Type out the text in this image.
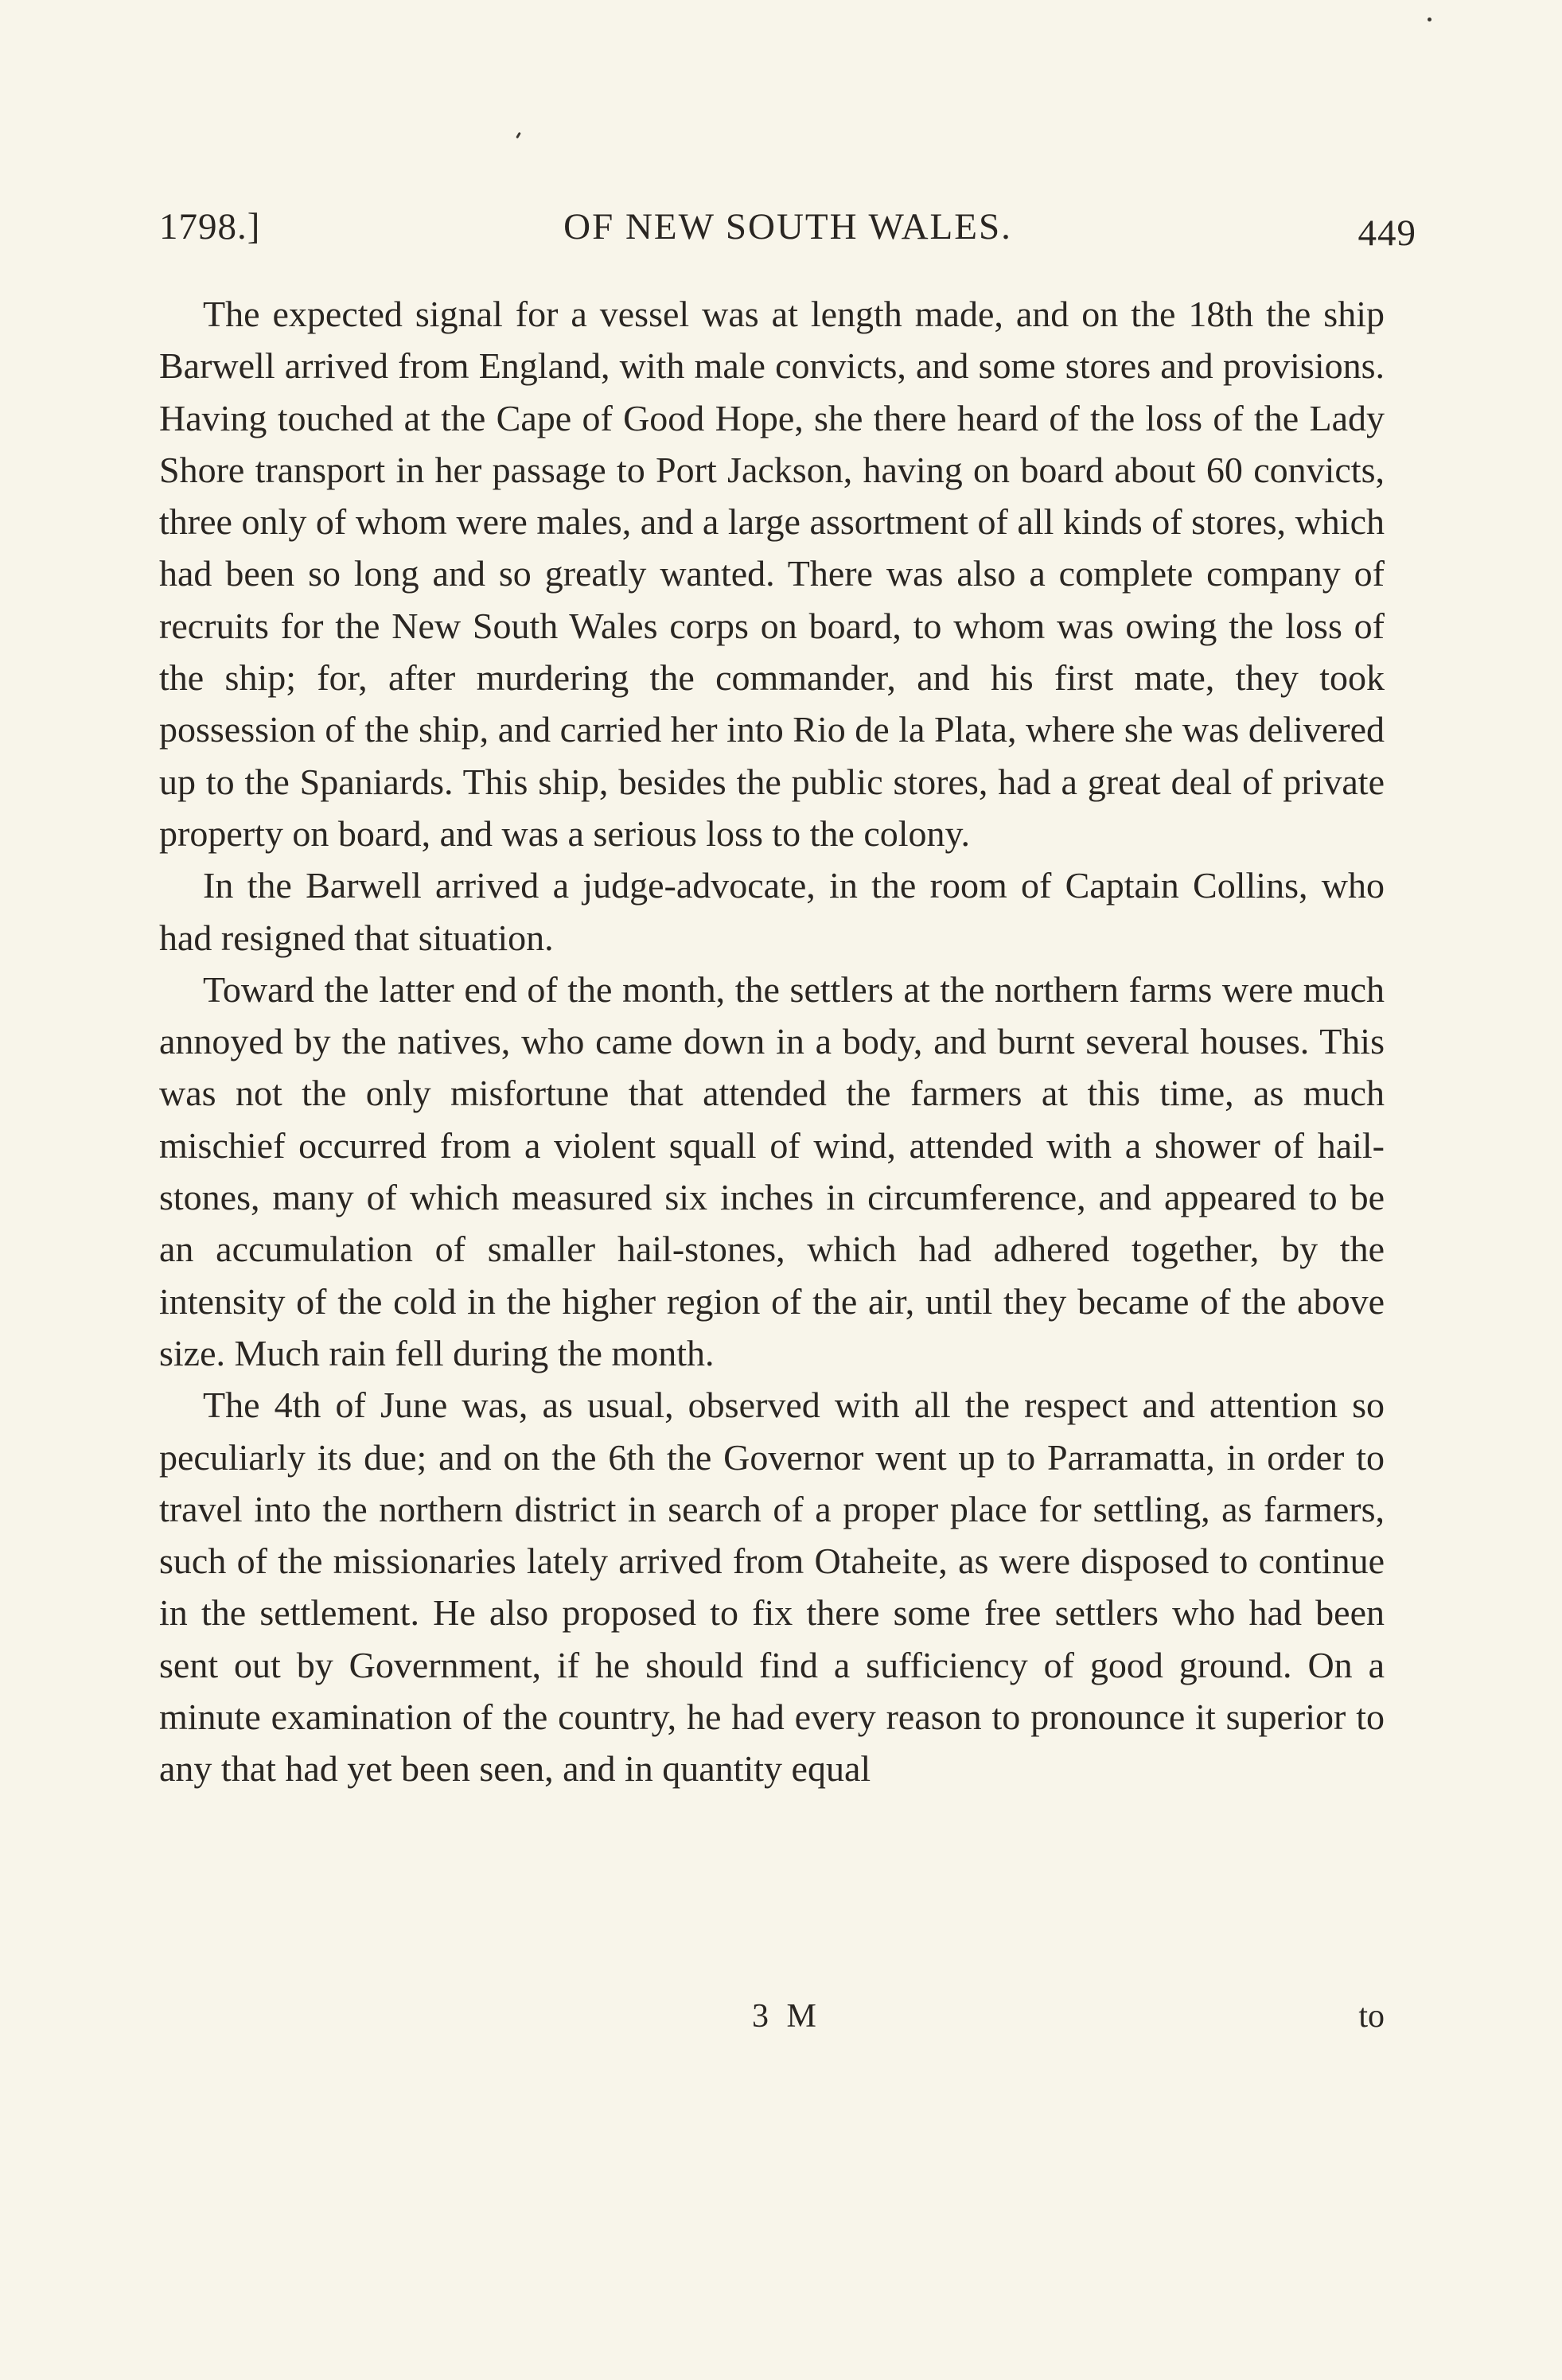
1798.]	OF NEW SOUTH WALES.	449

The expected signal for a vessel was at length made, and on the 18th the ship Barwell arrived from England, with male convicts, and some stores and provisions. Having touched at the Cape of Good Hope, she there heard of the loss of the Lady Shore transport in her passage to Port Jackson, having on board about 60 convicts, three only of whom were males, and a large assortment of all kinds of stores, which had been so long and so greatly wanted. There was also a complete company of recruits for the New South Wales corps on board, to whom was owing the loss of the ship; for, after murdering the commander, and his first mate, they took possession of the ship, and carried her into Rio de la Plata, where she was delivered up to the Spaniards. This ship, besides the public stores, had a great deal of private property on board, and was a serious loss to the colony.

In the Barwell arrived a judge-advocate, in the room of Captain Collins, who had resigned that situation.

Toward the latter end of the month, the settlers at the northern farms were much annoyed by the natives, who came down in a body, and burnt several houses. This was not the only misfortune that attended the farmers at this time, as much mischief occurred from a violent squall of wind, attended with a shower of hail-stones, many of which measured six inches in circumference, and appeared to be an accumulation of smaller hail-stones, which had adhered together, by the intensity of the cold in the higher region of the air, until they became of the above size. Much rain fell during the month.

The 4th of June was, as usual, observed with all the respect and attention so peculiarly its due; and on the 6th the Governor went up to Parramatta, in order to travel into the northern district in search of a proper place for settling, as farmers, such of the missionaries lately arrived from Otaheite, as were disposed to continue in the settlement. He also proposed to fix there some free settlers who had been sent out by Government, if he should find a sufficiency of good ground. On a minute examination of the country, he had every reason to pronounce it superior to any that had yet been seen, and in quantity equal

3 M	to
